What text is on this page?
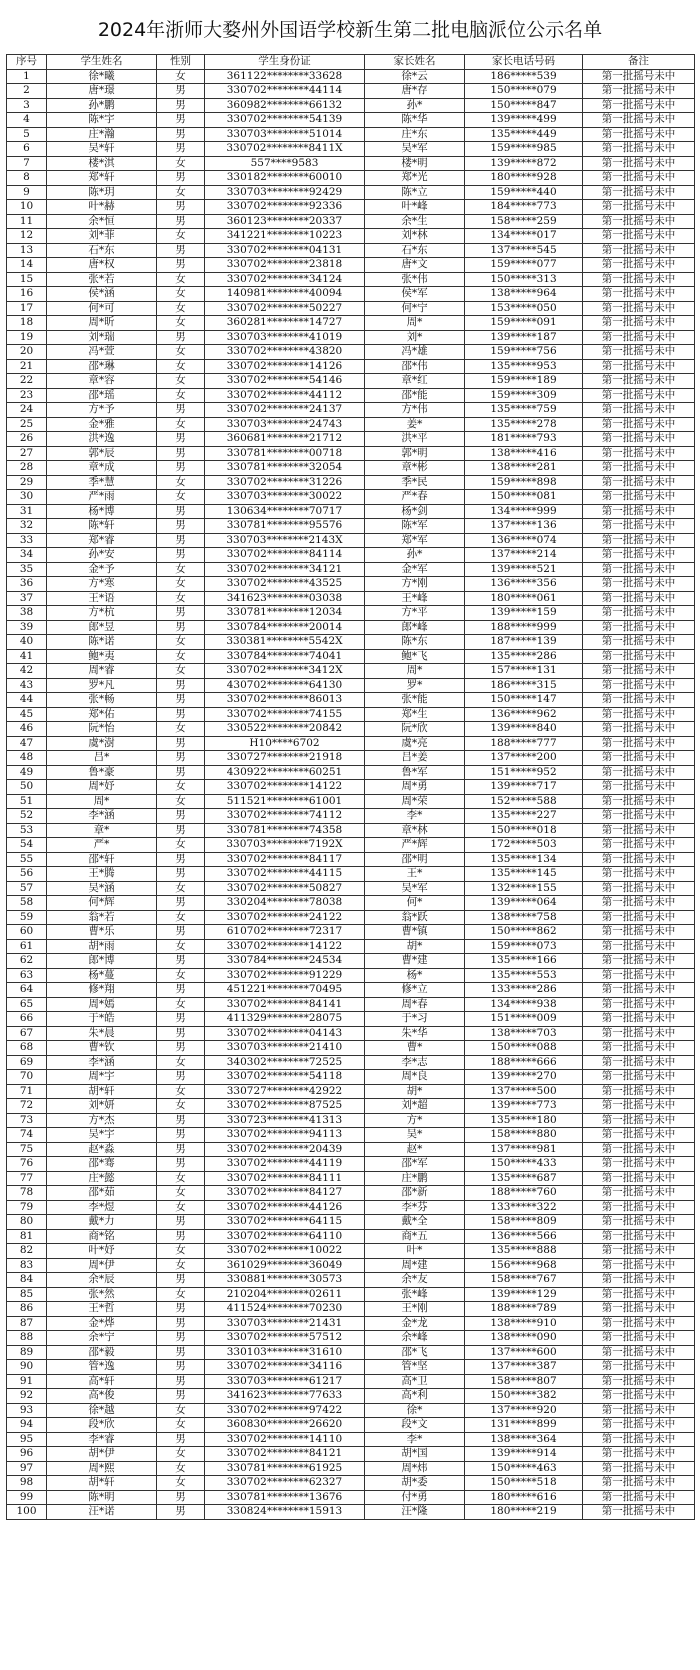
2024年浙师大婺州外国语学校新生第二批电脑派位公示名单
序号	学生姓名	性别	学生身份证	家长姓名	家长电话号码	备注
1	徐*曦	女	361122********33628	徐*云	186*****539	第一批摇号未中
2	唐*璟	男	330702********44114	唐*存	150*****079	第一批摇号未中
3	孙*鹏	男	360982********66132	孙*	150*****847	第一批摇号未中
4	陈*宇	男	330702********54139	陈*华	139*****499	第一批摇号未中
5	庄*瀚	男	330703********51014	庄*东	135*****449	第一批摇号未中
6	吴*轩	男	330702********8411X	吴*军	159*****985	第一批摇号未中
7	楼*淇	女	557****9583	楼*明	139*****872	第一批摇号未中
8	郑*轩	男	330182********60010	郑*光	180*****928	第一批摇号未中
9	陈*玥	女	330703********92429	陈*立	159*****440	第一批摇号未中
10	叶*赫	男	330702********92336	叶*峰	184*****773	第一批摇号未中
11	余*恒	男	360123********20337	余*生	158*****259	第一批摇号未中
12	刘*菲	女	341221********10223	刘*林	134*****017	第一批摇号未中
13	石*东	男	330702********04131	石*东	137*****545	第一批摇号未中
14	唐*权	男	330702********23818	唐*文	159*****077	第一批摇号未中
15	张*若	女	330702********34124	张*伟	150*****313	第一批摇号未中
16	侯*涵	女	140981********40094	侯*军	138*****964	第一批摇号未中
17	何*可	女	330702********50227	何*宁	153*****050	第一批摇号未中
18	周*昕	女	360281********14727	周*	159*****091	第一批摇号未中
19	刘*瑞	男	330703********41019	刘*	139*****187	第一批摇号未中
20	冯*萱	女	330702********43820	冯*雄	159*****756	第一批摇号未中
21	邵*琳	女	330702********14126	邵*伟	135*****953	第一批摇号未中
22	章*容	女	330702********54146	章*红	159*****189	第一批摇号未中
23	邵*瑶	女	330702********44112	邵*能	159*****309	第一批摇号未中
24	方*予	男	330702********24137	方*伟	135*****759	第一批摇号未中
25	金*雅	女	330703********24743	姜*	135*****278	第一批摇号未中
26	洪*逸	男	360681********21712	洪*平	181*****793	第一批摇号未中
27	郭*辰	男	330781********00718	郭*明	138*****416	第一批摇号未中
28	章*成	男	330781********32054	章*彬	138*****281	第一批摇号未中
29	季*慧	女	330702********31226	季*民	159*****898	第一批摇号未中
30	严*雨	女	330703********30022	严*春	150*****081	第一批摇号未中
31	杨*博	男	130634********70717	杨*剑	134*****999	第一批摇号未中
32	陈*轩	男	330781********95576	陈*军	137*****136	第一批摇号未中
33	郑*睿	男	330703********2143X	郑*军	136*****074	第一批摇号未中
34	孙*安	男	330702********84114	孙*	137*****214	第一批摇号未中
35	金*予	女	330702********34121	金*军	139*****521	第一批摇号未中
36	方*寒	女	330702********43525	方*刚	136*****356	第一批摇号未中
37	王*语	女	341623********03038	王*峰	180*****061	第一批摇号未中
38	方*杭	男	330781********12034	方*平	139*****159	第一批摇号未中
39	郎*昱	男	330784********20014	郎*峰	188*****999	第一批摇号未中
40	陈*诺	女	330381********5542X	陈*东	187*****139	第一批摇号未中
41	鲍*夷	女	330784********74041	鲍*飞	135*****286	第一批摇号未中
42	周*睿	女	330702********3412X	周*	157*****131	第一批摇号未中
43	罗*凡	男	430702********64130	罗*	186*****315	第一批摇号未中
44	张*畅	男	330702********86013	张*能	150*****147	第一批摇号未中
45	郑*佑	男	330702********74155	郑*生	136*****962	第一批摇号未中
46	阮*怡	女	330522********20842	阮*欣	139*****840	第一批摇号未中
47	虞*澍	男	H10****6702	虞*亮	188*****777	第一批摇号未中
48	吕*	男	330727********21918	吕*姜	137*****200	第一批摇号未中
49	鲁*豪	男	430922********60251	鲁*军	151*****952	第一批摇号未中
50	周*妤	女	330702********14122	周*勇	139*****717	第一批摇号未中
51	周*	女	511521********61001	周*荣	152*****588	第一批摇号未中
52	李*涵	男	330702********74112	李*	135*****227	第一批摇号未中
53	章*	男	330781********74358	章*林	150*****018	第一批摇号未中
54	严*	女	330703********7192X	严*辉	172*****503	第一批摇号未中
55	邵*轩	男	330702********84117	邵*明	135*****134	第一批摇号未中
56	王*腾	男	330702********44115	王*	135*****145	第一批摇号未中
57	吴*涵	女	330702********50827	吴*军	132*****155	第一批摇号未中
58	何*辉	男	330204********78038	何*	139*****064	第一批摇号未中
59	翁*若	女	330702********24122	翁*跃	138*****758	第一批摇号未中
60	曹*乐	男	610702********72317	曹*镇	150*****862	第一批摇号未中
61	胡*雨	女	330702********14122	胡*	159*****073	第一批摇号未中
62	郎*博	男	330784********24534	曹*建	135*****166	第一批摇号未中
63	杨*蔓	女	330702********91229	杨*	135*****553	第一批摇号未中
64	修*翔	男	451221********70495	修*立	133*****286	第一批摇号未中
65	周*嫣	女	330702********84141	周*春	134*****938	第一批摇号未中
66	于*皓	男	411329********28075	于*习	151*****009	第一批摇号未中
67	朱*晨	男	330702********04143	朱*华	138*****703	第一批摇号未中
68	曹*钦	男	330703********21410	曹*	150*****088	第一批摇号未中
69	李*涵	女	340302********72525	李*志	188*****666	第一批摇号未中
70	周*宇	男	330702********54118	周*良	139*****270	第一批摇号未中
71	胡*轩	女	330727********42922	胡*	137*****500	第一批摇号未中
72	刘*妍	女	330702********87525	刘*超	139*****773	第一批摇号未中
73	方*杰	男	330723********41313	方*	135*****180	第一批摇号未中
74	吴*宇	男	330702********94113	吴*	158*****880	第一批摇号未中
75	赵*淼	男	330702********20439	赵*	137*****981	第一批摇号未中
76	邵*骞	男	330702********44119	邵*军	150*****433	第一批摇号未中
77	庄*懿	女	330702********84111	庄*鹏	135*****687	第一批摇号未中
78	邵*茹	女	330702********84127	邵*新	188*****760	第一批摇号未中
79	李*煜	女	330702********44126	李*芬	133*****322	第一批摇号未中
80	戴*力	男	330702********64115	戴*全	158*****809	第一批摇号未中
81	商*铭	男	330702********64110	商*五	136*****566	第一批摇号未中
82	叶*妤	女	330702********10022	叶*	135*****888	第一批摇号未中
83	周*伊	女	361029********36049	周*建	156*****968	第一批摇号未中
84	余*辰	男	330881********30573	余*友	158*****767	第一批摇号未中
85	张*然	女	210204********02611	张*峰	139*****129	第一批摇号未中
86	王*哲	男	411524********70230	王*刚	188*****789	第一批摇号未中
87	金*烨	男	330703********21431	金*龙	138*****910	第一批摇号未中
88	余*宁	男	330702********57512	余*峰	138*****090	第一批摇号未中
89	邵*毅	男	330103********31610	邵*飞	137*****600	第一批摇号未中
90	管*逸	男	330702********34116	管*坚	137*****387	第一批摇号未中
91	高*轩	男	330703********61217	高*卫	158*****807	第一批摇号未中
92	高*俊	男	341623********77633	高*利	150*****382	第一批摇号未中
93	徐*越	女	330702********97422	徐*	137*****920	第一批摇号未中
94	段*欣	女	360830********26620	段*文	131*****899	第一批摇号未中
95	李*睿	男	330702********14110	李*	138*****364	第一批摇号未中
96	胡*伊	女	330702********84121	胡*国	139*****914	第一批摇号未中
97	周*熙	女	330781********61925	周*炜	150*****463	第一批摇号未中
98	胡*轩	女	330702********62327	胡*委	150*****518	第一批摇号未中
99	陈*明	男	330781********13676	付*勇	180*****616	第一批摇号未中
100	汪*诺	男	330824********15913	汪*隆	180*****219	第一批摇号未中
